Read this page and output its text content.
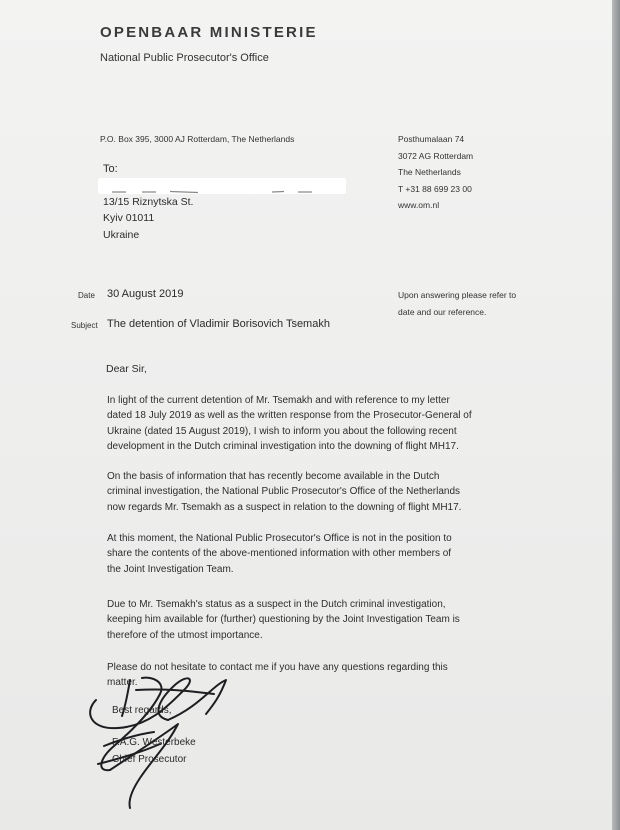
OPENBAAR MINISTERIE
National Public Prosecutor's Office
P.O. Box 395, 3000 AJ Rotterdam, The Netherlands	Posthumalaan 74
3072 AG Rotterdam
The Netherlands
T +31 88 699 23 00
www.om.nl
To:
13/15 Riznytska St.
Kyiv 01011
Ukraine
Date 30 August 2019
Subject The detention of Vladimir Borisovich Tsemakh
Upon answering please refer to
date and our reference.
Dear Sir,
In light of the current detention of Mr. Tsemakh and with reference to my letter
dated 18 July 2019 as well as the written response from the Prosecutor-General of
Ukraine (dated 15 August 2019), I wish to inform you about the following recent
development in the Dutch criminal investigation into the downing of flight MH17.
On the basis of information that has recently become available in the Dutch
criminal investigation, the National Public Prosecutor's Office of the Netherlands
now regards Mr. Tsemakh as a suspect in relation to the downing of flight MH17.
At this moment, the National Public Prosecutor's Office is not in the position to
share the contents of the above-mentioned information with other members of
the Joint Investigation Team.
Due to Mr. Tsemakh's status as a suspect in the Dutch criminal investigation,
keeping him available for (further) questioning by the Joint Investigation Team is
therefore of the utmost importance.
Please do not hesitate to contact me if you have any questions regarding this
matter.
Best regards,
F.A.G. Westerbeke
Chief Prosecutor
